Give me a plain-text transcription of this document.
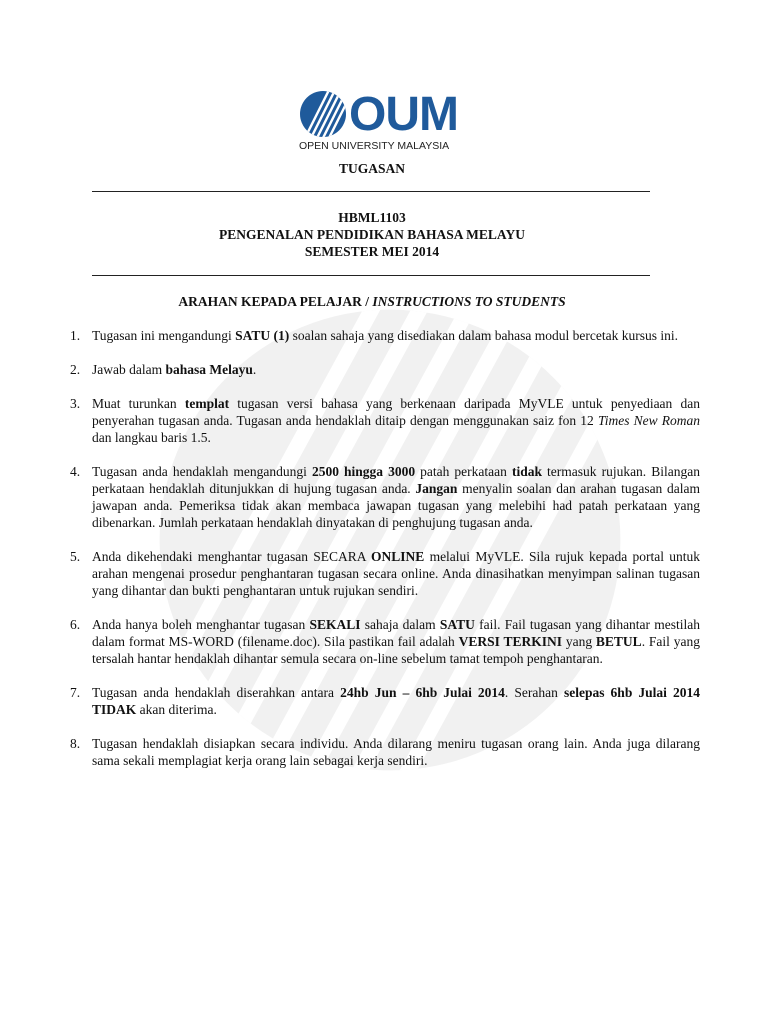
OUM
OPEN UNIVERSITY MALAYSIA
TUGASAN
HBML1103
PENGENALAN PENDIDIKAN BAHASA MELAYU
SEMESTER MEI 2014
ARAHAN KEPADA PELAJAR / INSTRUCTIONS TO STUDENTS
1. Tugasan ini mengandungi SATU (1) soalan sahaja yang disediakan dalam bahasa modul bercetak kursus ini.
2. Jawab dalam bahasa Melayu.
3. Muat turunkan templat tugasan versi bahasa yang berkenaan daripada MyVLE untuk penyediaan dan penyerahan tugasan anda. Tugasan anda hendaklah ditaip dengan menggunakan saiz fon 12 Times New Roman dan langkau baris 1.5.
4. Tugasan anda hendaklah mengandungi 2500 hingga 3000 patah perkataan tidak termasuk rujukan. Bilangan perkataan hendaklah ditunjukkan di hujung tugasan anda. Jangan menyalin soalan dan arahan tugasan dalam jawapan anda. Pemeriksa tidak akan membaca jawapan tugasan yang melebihi had patah perkataan yang dibenarkan. Jumlah perkataan hendaklah dinyatakan di penghujung tugasan anda.
5. Anda dikehendaki menghantar tugasan SECARA ONLINE melalui MyVLE. Sila rujuk kepada portal untuk arahan mengenai prosedur penghantaran tugasan secara online. Anda dinasihatkan menyimpan salinan tugasan yang dihantar dan bukti penghantaran untuk rujukan sendiri.
6. Anda hanya boleh menghantar tugasan SEKALI sahaja dalam SATU fail. Fail tugasan yang dihantar mestilah dalam format MS-WORD (filename.doc). Sila pastikan fail adalah VERSI TERKINI yang BETUL. Fail yang tersalah hantar hendaklah dihantar semula secara on-line sebelum tamat tempoh penghantaran.
7. Tugasan anda hendaklah diserahkan antara 24hb Jun – 6hb Julai 2014. Serahan selepas 6hb Julai 2014 TIDAK akan diterima.
8. Tugasan hendaklah disiapkan secara individu. Anda dilarang meniru tugasan orang lain. Anda juga dilarang sama sekali memplagiat kerja orang lain sebagai kerja sendiri.
